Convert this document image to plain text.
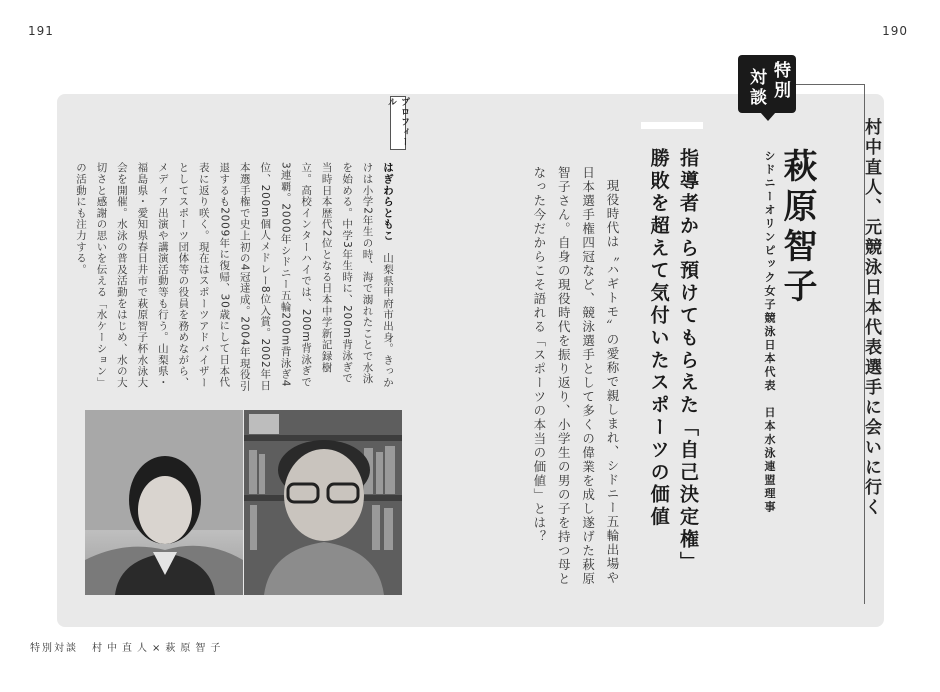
191	190
特別
対談
村中直人、元競泳日本代表選手に会いに行く
萩原智子
シドニーオリンピック女子競泳日本代表　日本水泳連盟理事
指導者から預けてもらえた「自己決定権」
勝敗を超えて気付いたスポーツの価値

現役時代は〝ハギトモ〟の愛称で親しまれ、シドニー五輪出場や日本選手権四冠など、競泳選手として多くの偉業を成し遂げた萩原智子さん。自身の現役時代を振り返り、小学生の男の子を持つ母となった今だからこそ語れる「スポーツの本当の価値」とは？

プロフィール
はぎわらともこ　山梨県甲府市出身。きっかけは小学2年生の時、海で溺れたことで水泳を始める。中学3年生時に、200m背泳ぎで当時日本歴代2位となる日本中学新記録樹立。高校インターハイでは、200m背泳ぎで3連覇。2000年シドニー五輪200m背泳ぎ4位、200m個人メドレー8位入賞。2002年日本選手権で史上初の4冠達成。2004年現役引退するも2009年に復帰、30歳にして日本代表に返り咲く。現在はスポーツアドバイザーとしてスポーツ団体等の役員を務めながら、メディア出演や講演活動等も行う。山梨県・福島県・愛知県春日井市で萩原智子杯水泳大会を開催。水泳の普及活動をはじめ、水の大切さと感謝の思いを伝える「水ケーション」の活動にも注力する。
特別対談 村中直人×萩原智子
